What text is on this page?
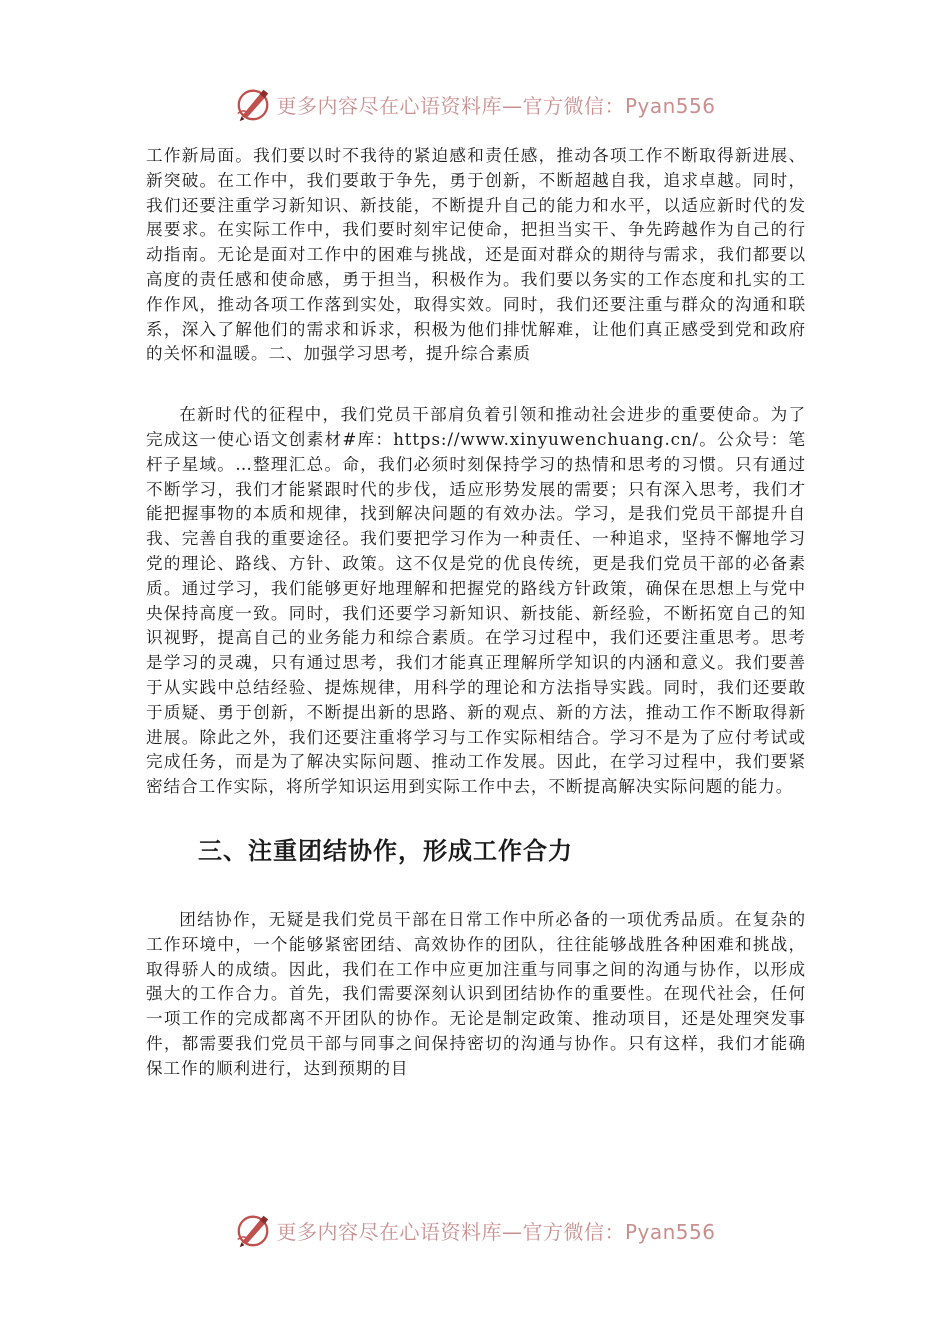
更多内容尽在心语资料库—官方微信：Pyan556

工作新局面。我们要以时不我待的紧迫感和责任感，推动各项工作不断取得新进展、新突破。在工作中，我们要敢于争先，勇于创新，不断超越自我，追求卓越。同时，我们还要注重学习新知识、新技能，不断提升自己的能力和水平，以适应新时代的发展要求。在实际工作中，我们要时刻牢记使命，把担当实干、争先跨越作为自己的行动指南。无论是面对工作中的困难与挑战，还是面对群众的期待与需求，我们都要以高度的责任感和使命感，勇于担当，积极作为。我们要以务实的工作态度和扎实的工作作风，推动各项工作落到实处，取得实效。同时，我们还要注重与群众的沟通和联系，深入了解他们的需求和诉求，积极为他们排忧解难，让他们真正感受到党和政府的关怀和温暖。二、加强学习思考，提升综合素质

在新时代的征程中，我们党员干部肩负着引领和推动社会进步的重要使命。为了完成这一使心语文创素材#库：https://www.xinyuwenchuang.cn/。公众号：笔杆子星域。…整理汇总。命，我们必须时刻保持学习的热情和思考的习惯。只有通过不断学习，我们才能紧跟时代的步伐，适应形势发展的需要；只有深入思考，我们才能把握事物的本质和规律，找到解决问题的有效办法。学习，是我们党员干部提升自我、完善自我的重要途径。我们要把学习作为一种责任、一种追求，坚持不懈地学习党的理论、路线、方针、政策。这不仅是党的优良传统，更是我们党员干部的必备素质。通过学习，我们能够更好地理解和把握党的路线方针政策，确保在思想上与党中央保持高度一致。同时，我们还要学习新知识、新技能、新经验，不断拓宽自己的知识视野，提高自己的业务能力和综合素质。在学习过程中，我们还要注重思考。思考是学习的灵魂，只有通过思考，我们才能真正理解所学知识的内涵和意义。我们要善于从实践中总结经验、提炼规律，用科学的理论和方法指导实践。同时，我们还要敢于质疑、勇于创新，不断提出新的思路、新的观点、新的方法，推动工作不断取得新进展。除此之外，我们还要注重将学习与工作实际相结合。学习不是为了应付考试或完成任务，而是为了解决实际问题、推动工作发展。因此，在学习过程中，我们要紧密结合工作实际，将所学知识运用到实际工作中去，不断提高解决实际问题的能力。

三、注重团结协作，形成工作合力

团结协作，无疑是我们党员干部在日常工作中所必备的一项优秀品质。在复杂的工作环境中，一个能够紧密团结、高效协作的团队，往往能够战胜各种困难和挑战，取得骄人的成绩。因此，我们在工作中应更加注重与同事之间的沟通与协作，以形成强大的工作合力。首先，我们需要深刻认识到团结协作的重要性。在现代社会，任何一项工作的完成都离不开团队的协作。无论是制定政策、推动项目，还是处理突发事件，都需要我们党员干部与同事之间保持密切的沟通与协作。只有这样，我们才能确保工作的顺利进行，达到预期的目

更多内容尽在心语资料库—官方微信：Pyan556
